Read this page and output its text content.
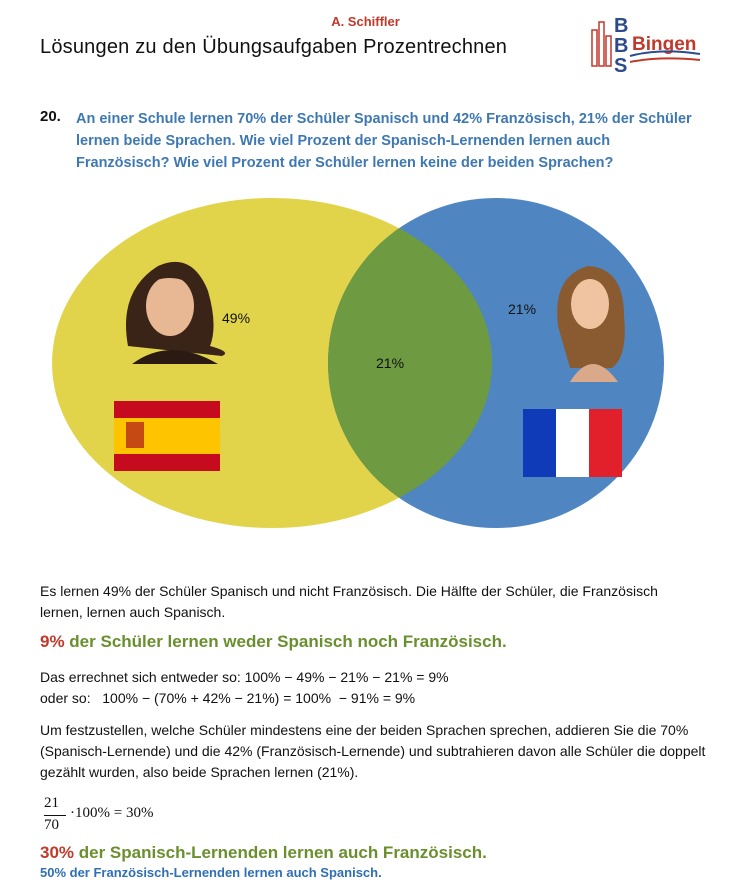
A. Schiffler
Lösungen zu den Übungsaufgaben Prozentrechnen
B
B
S
Bingen
20. An einer Schule lernen 70% der Schüler Spanisch und 42% Französisch, 21% der Schüler lernen beide Sprachen. Wie viel Prozent der Spanisch-Lernenden lernen auch Französisch? Wie viel Prozent der Schüler lernen keine der beiden Sprachen?
49%
21%
21%
Es lernen 49% der Schüler Spanisch und nicht Französisch. Die Hälfte der Schüler, die Französisch lernen, lernen auch Spanisch.
9% der Schüler lernen weder Spanisch noch Französisch.
Das errechnet sich entweder so: 100% − 49% − 21% − 21% = 9%
oder so:   100% − (70% + 42% − 21%) = 100%  − 91% = 9%
Um festzustellen, welche Schüler mindestens eine der beiden Sprachen sprechen, addieren Sie die 70% (Spanisch-Lernende) und die 42% (Französisch-Lernende) und subtrahieren davon alle Schüler die doppelt gezählt wurden, also beide Sprachen lernen (21%).
21
70
·100% = 30%
30% der Spanisch-Lernenden lernen auch Französisch.
50% der Französisch-Lernenden lernen auch Spanisch.
